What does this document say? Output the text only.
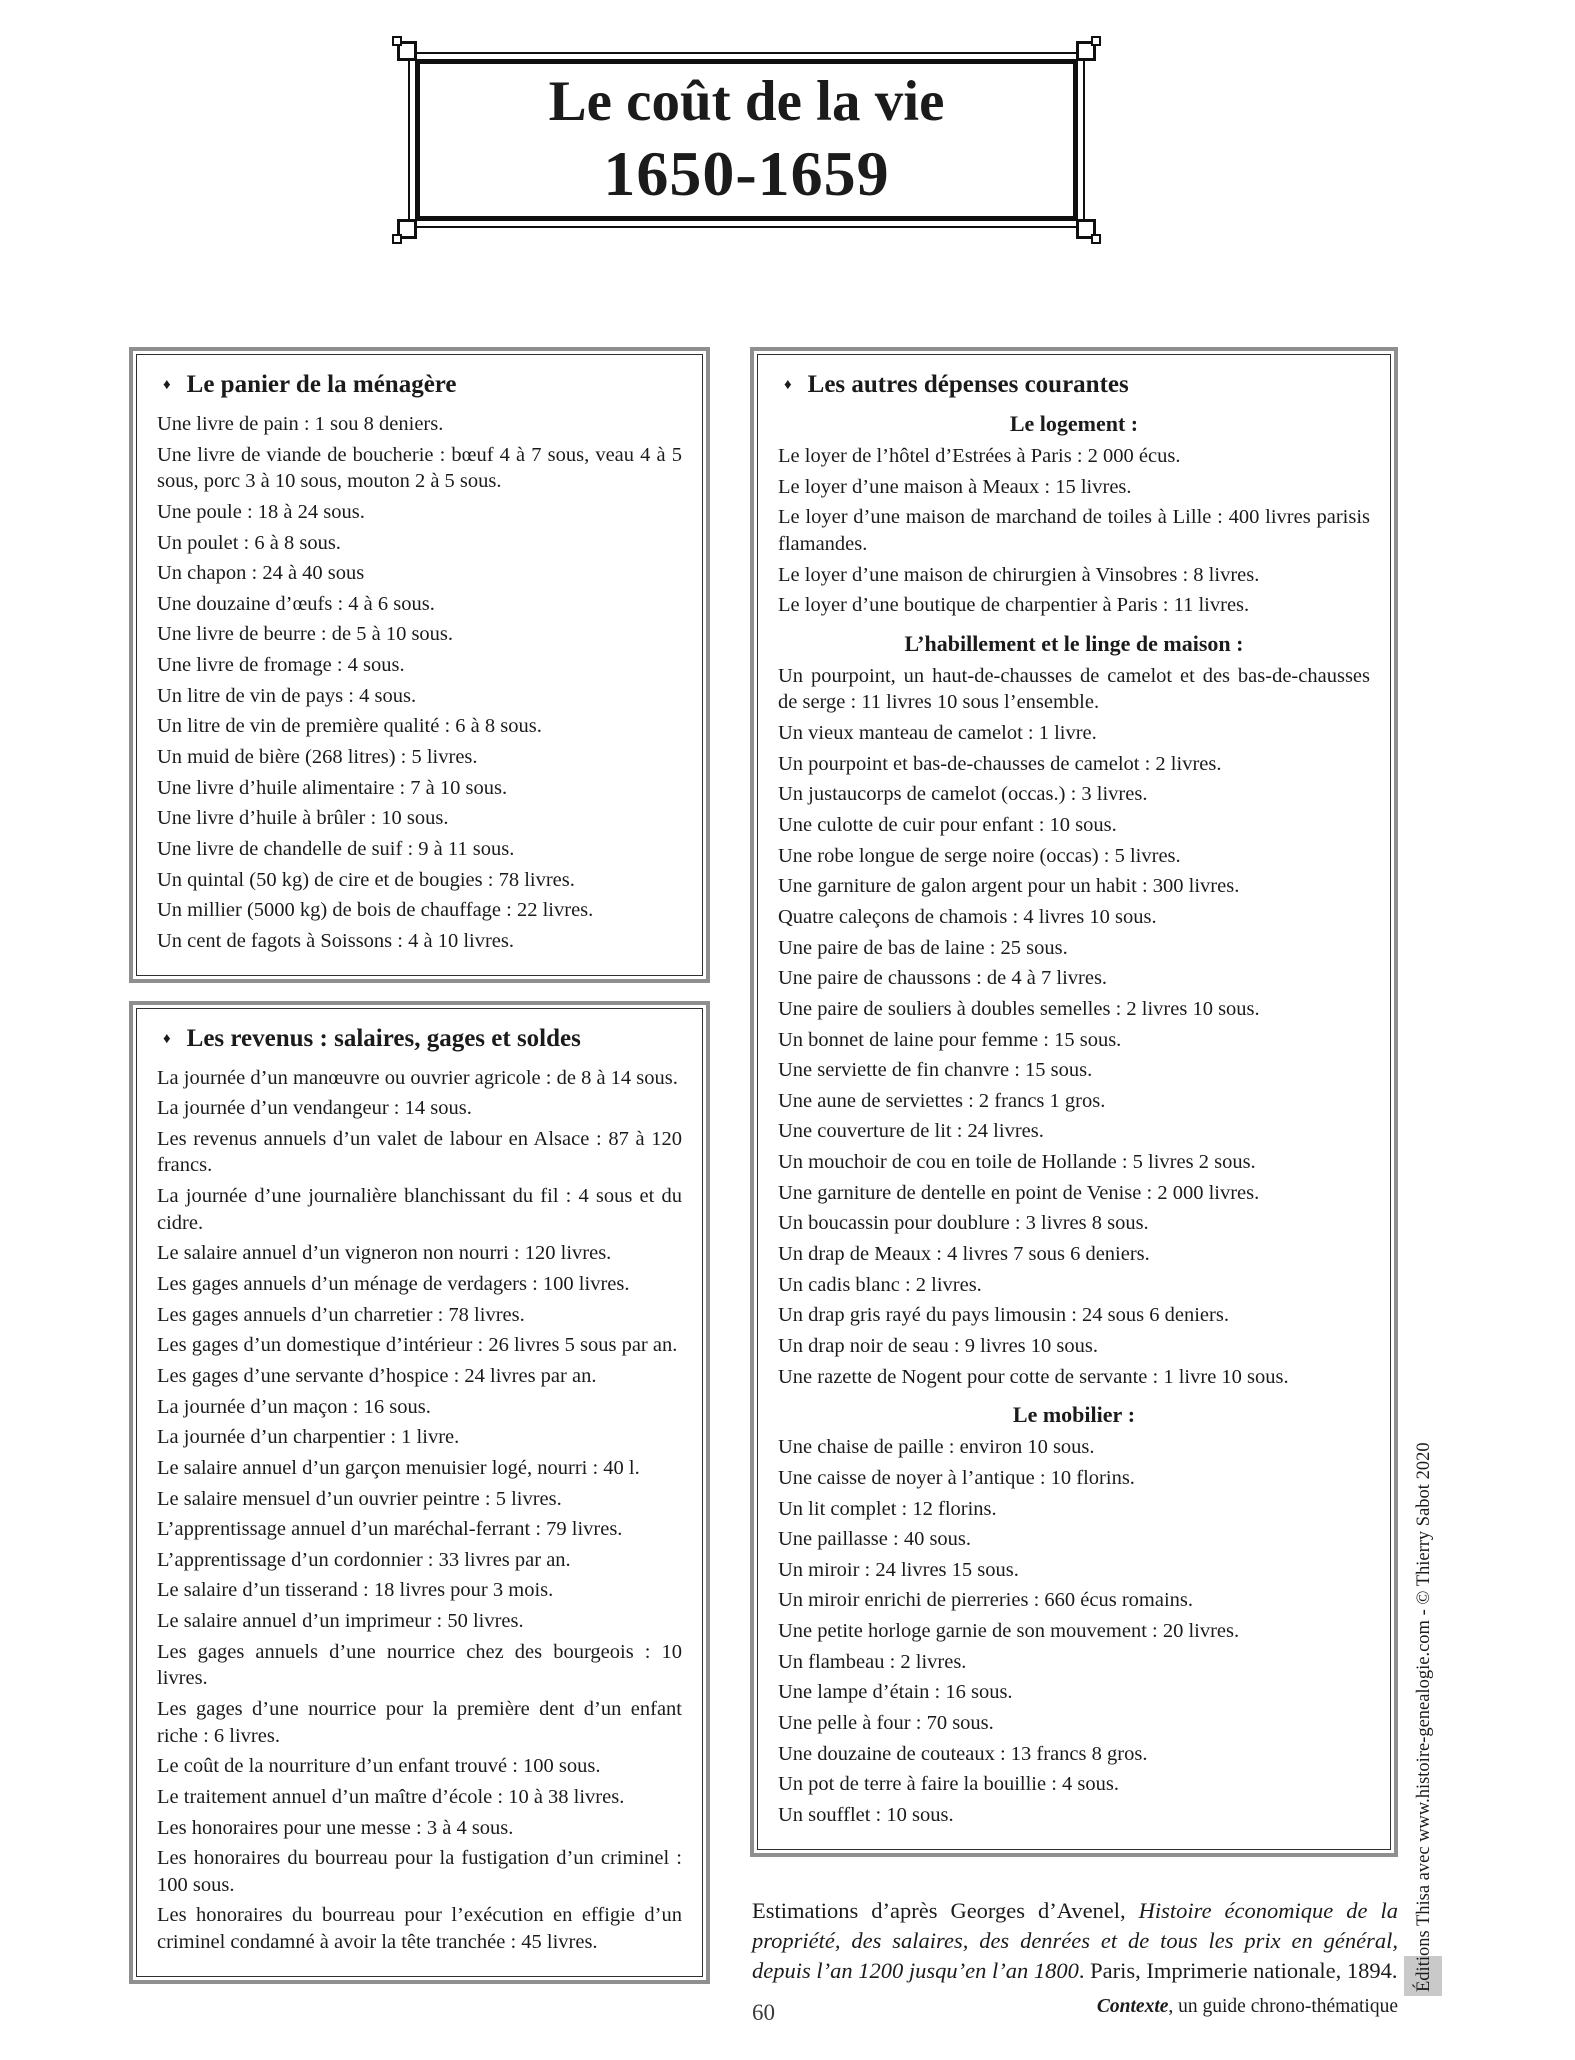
Le coût de la vie
1650-1659
♦ Le panier de la ménagère

Une livre de pain : 1 sou 8 deniers.

Une livre de viande de boucherie : bœuf 4 à 7 sous, veau 4 à 5 sous, porc 3 à 10 sous, mouton 2 à 5 sous.

Une poule : 18 à 24 sous.

Un poulet : 6 à 8 sous.

Un chapon : 24 à 40 sous

Une douzaine d’œufs : 4 à 6 sous.

Une livre de beurre : de 5 à 10 sous.

Une livre de fromage : 4 sous.

Un litre de vin de pays : 4 sous.

Un litre de vin de première qualité : 6 à 8 sous.

Un muid de bière (268 litres) : 5 livres.

Une livre d’huile alimentaire : 7 à 10 sous.

Une livre d’huile à brûler : 10 sous.

Une livre de chandelle de suif : 9 à 11 sous.

Un quintal (50 kg) de cire et de bougies : 78 livres.

Un millier (5000 kg) de bois de chauffage : 22 livres.

Un cent de fagots à Soissons : 4 à 10 livres.

♦ Les revenus : salaires, gages et soldes

La journée d’un manœuvre ou ouvrier agricole : de 8 à 14 sous.

La journée d’un vendangeur : 14 sous.

Les revenus annuels d’un valet de labour en Alsace : 87 à 120 francs.

La journée d’une journalière blanchissant du fil : 4 sous et du cidre.

Le salaire annuel d’un vigneron non nourri : 120 livres.

Les gages annuels d’un ménage de verdagers : 100 livres.

Les gages annuels d’un charretier : 78 livres.

Les gages d’un domestique d’intérieur : 26 livres 5 sous par an.

Les gages d’une servante d’hospice : 24 livres par an.

La journée d’un maçon : 16 sous.

La journée d’un charpentier : 1 livre.

Le salaire annuel d’un garçon menuisier logé, nourri : 40 l.

Le salaire mensuel d’un ouvrier peintre : 5 livres.

L’apprentissage annuel d’un maréchal-ferrant : 79 livres.

L’apprentissage d’un cordonnier : 33 livres par an.

Le salaire d’un tisserand : 18 livres pour 3 mois.

Le salaire annuel d’un imprimeur : 50 livres.

Les gages annuels d’une nourrice chez des bourgeois : 10 livres.

Les gages d’une nourrice pour la première dent d’un enfant riche : 6 livres.

Le coût de la nourriture d’un enfant trouvé : 100 sous.

Le traitement annuel d’un maître d’école : 10 à 38 livres.

Les honoraires pour une messe : 3 à 4 sous.

Les honoraires du bourreau pour la fustigation d’un criminel : 100 sous.

Les honoraires du bourreau pour l’exécution en effigie d’un criminel condamné à avoir la tête tranchée : 45 livres.

♦ Les autres dépenses courantes
Le logement :

Le loyer de l’hôtel d’Estrées à Paris : 2 000 écus.

Le loyer d’une maison à Meaux : 15 livres.

Le loyer d’une maison de marchand de toiles à Lille : 400 livres parisis flamandes.

Le loyer d’une maison de chirurgien à Vinsobres : 8 livres.

Le loyer d’une boutique de charpentier à Paris : 11 livres.

L’habillement et le linge de maison :

Un pourpoint, un haut-de-chausses de camelot et des bas-de-chausses de serge : 11 livres 10 sous l’ensemble.

Un vieux manteau de camelot : 1 livre.

Un pourpoint et bas-de-chausses de camelot : 2 livres.

Un justaucorps de camelot (occas.) : 3 livres.

Une culotte de cuir pour enfant : 10 sous.

Une robe longue de serge noire (occas) : 5 livres.

Une garniture de galon argent pour un habit : 300 livres.

Quatre caleçons de chamois : 4 livres 10 sous.

Une paire de bas de laine : 25 sous.

Une paire de chaussons : de 4 à 7 livres.

Une paire de souliers à doubles semelles : 2 livres 10 sous.

Un bonnet de laine pour femme : 15 sous.

Une serviette de fin chanvre : 15 sous.

Une aune de serviettes : 2 francs 1 gros.

Une couverture de lit : 24 livres.

Un mouchoir de cou en toile de Hollande : 5 livres 2 sous.

Une garniture de dentelle en point de Venise : 2 000 livres.

Un boucassin pour doublure : 3 livres 8 sous.

Un drap de Meaux : 4 livres 7 sous 6 deniers.

Un cadis blanc : 2 livres.

Un drap gris rayé du pays limousin : 24 sous 6 deniers.

Un drap noir de seau : 9 livres 10 sous.

Une razette de Nogent pour cotte de servante : 1 livre 10 sous.

Le mobilier :

Une chaise de paille : environ 10 sous.

Une caisse de noyer à l’antique : 10 florins.

Un lit complet : 12 florins.

Une paillasse : 40 sous.

Un miroir : 24 livres 15 sous.

Un miroir enrichi de pierreries : 660 écus romains.

Une petite horloge garnie de son mouvement : 20 livres.

Un flambeau : 2 livres.

Une lampe d’étain : 16 sous.

Une pelle à four : 70 sous.

Une douzaine de couteaux : 13 francs 8 gros.

Un pot de terre à faire la bouillie : 4 sous.

Un soufflet : 10 sous.

Estimations d’après Georges d’Avenel, Histoire économique de la propriété, des salaires, des denrées et de tous les prix en général, depuis l’an 1200 jusqu’en l’an 1800. Paris, Imprimerie nationale, 1894.

Contexte, un guide chrono-thématique

Éditions Thisa avec www.histoire-genealogie.com - © Thierry Sabot 2020
60
